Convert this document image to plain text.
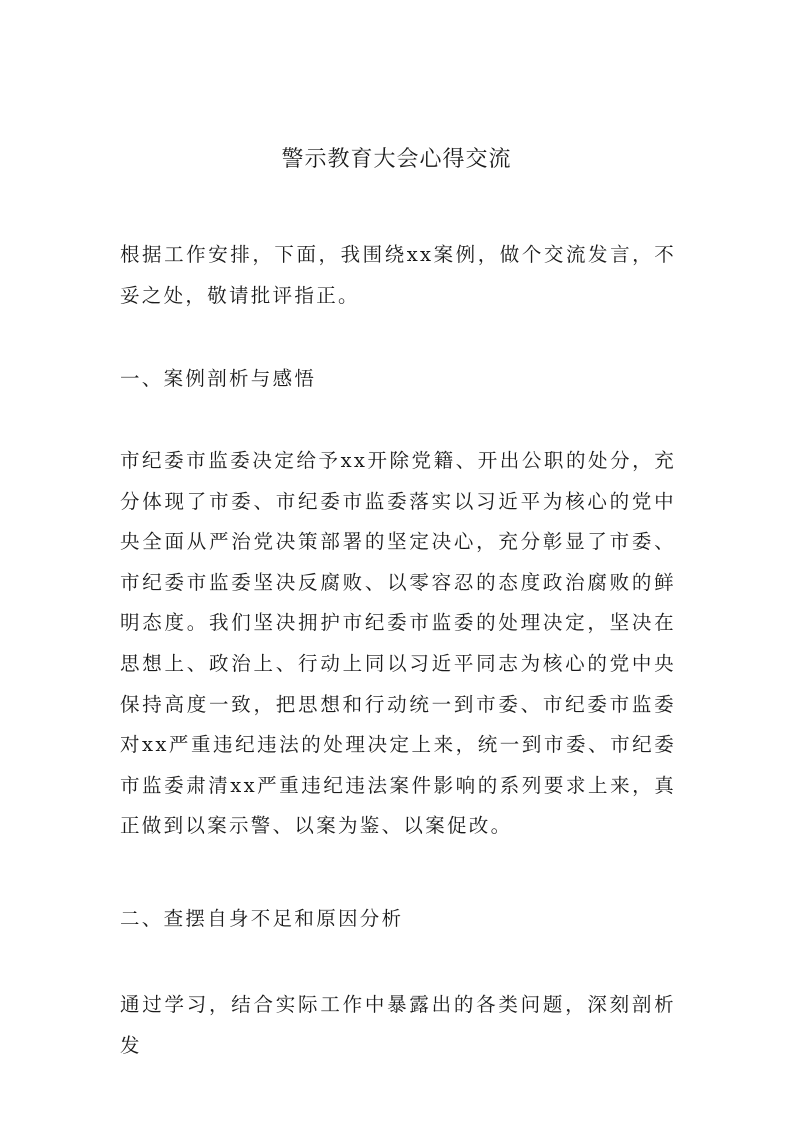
警示教育大会心得交流

根据工作安排，下面，我围绕xx案例，做个交流发言，不妥之处，敬请批评指正。

一、案例剖析与感悟

市纪委市监委决定给予xx开除党籍、开出公职的处分，充分体现了市委、市纪委市监委落实以习近平为核心的党中央全面从严治党决策部署的坚定决心，充分彰显了市委、市纪委市监委坚决反腐败、以零容忍的态度政治腐败的鲜明态度。我们坚决拥护市纪委市监委的处理决定，坚决在思想上、政治上、行动上同以习近平同志为核心的党中央保持高度一致，把思想和行动统一到市委、市纪委市监委对xx严重违纪违法的处理决定上来，统一到市委、市纪委市监委肃清xx严重违纪违法案件影响的系列要求上来，真正做到以案示警、以案为鉴、以案促改。

二、查摆自身不足和原因分析

通过学习，结合实际工作中暴露出的各类问题，深刻剖析发
